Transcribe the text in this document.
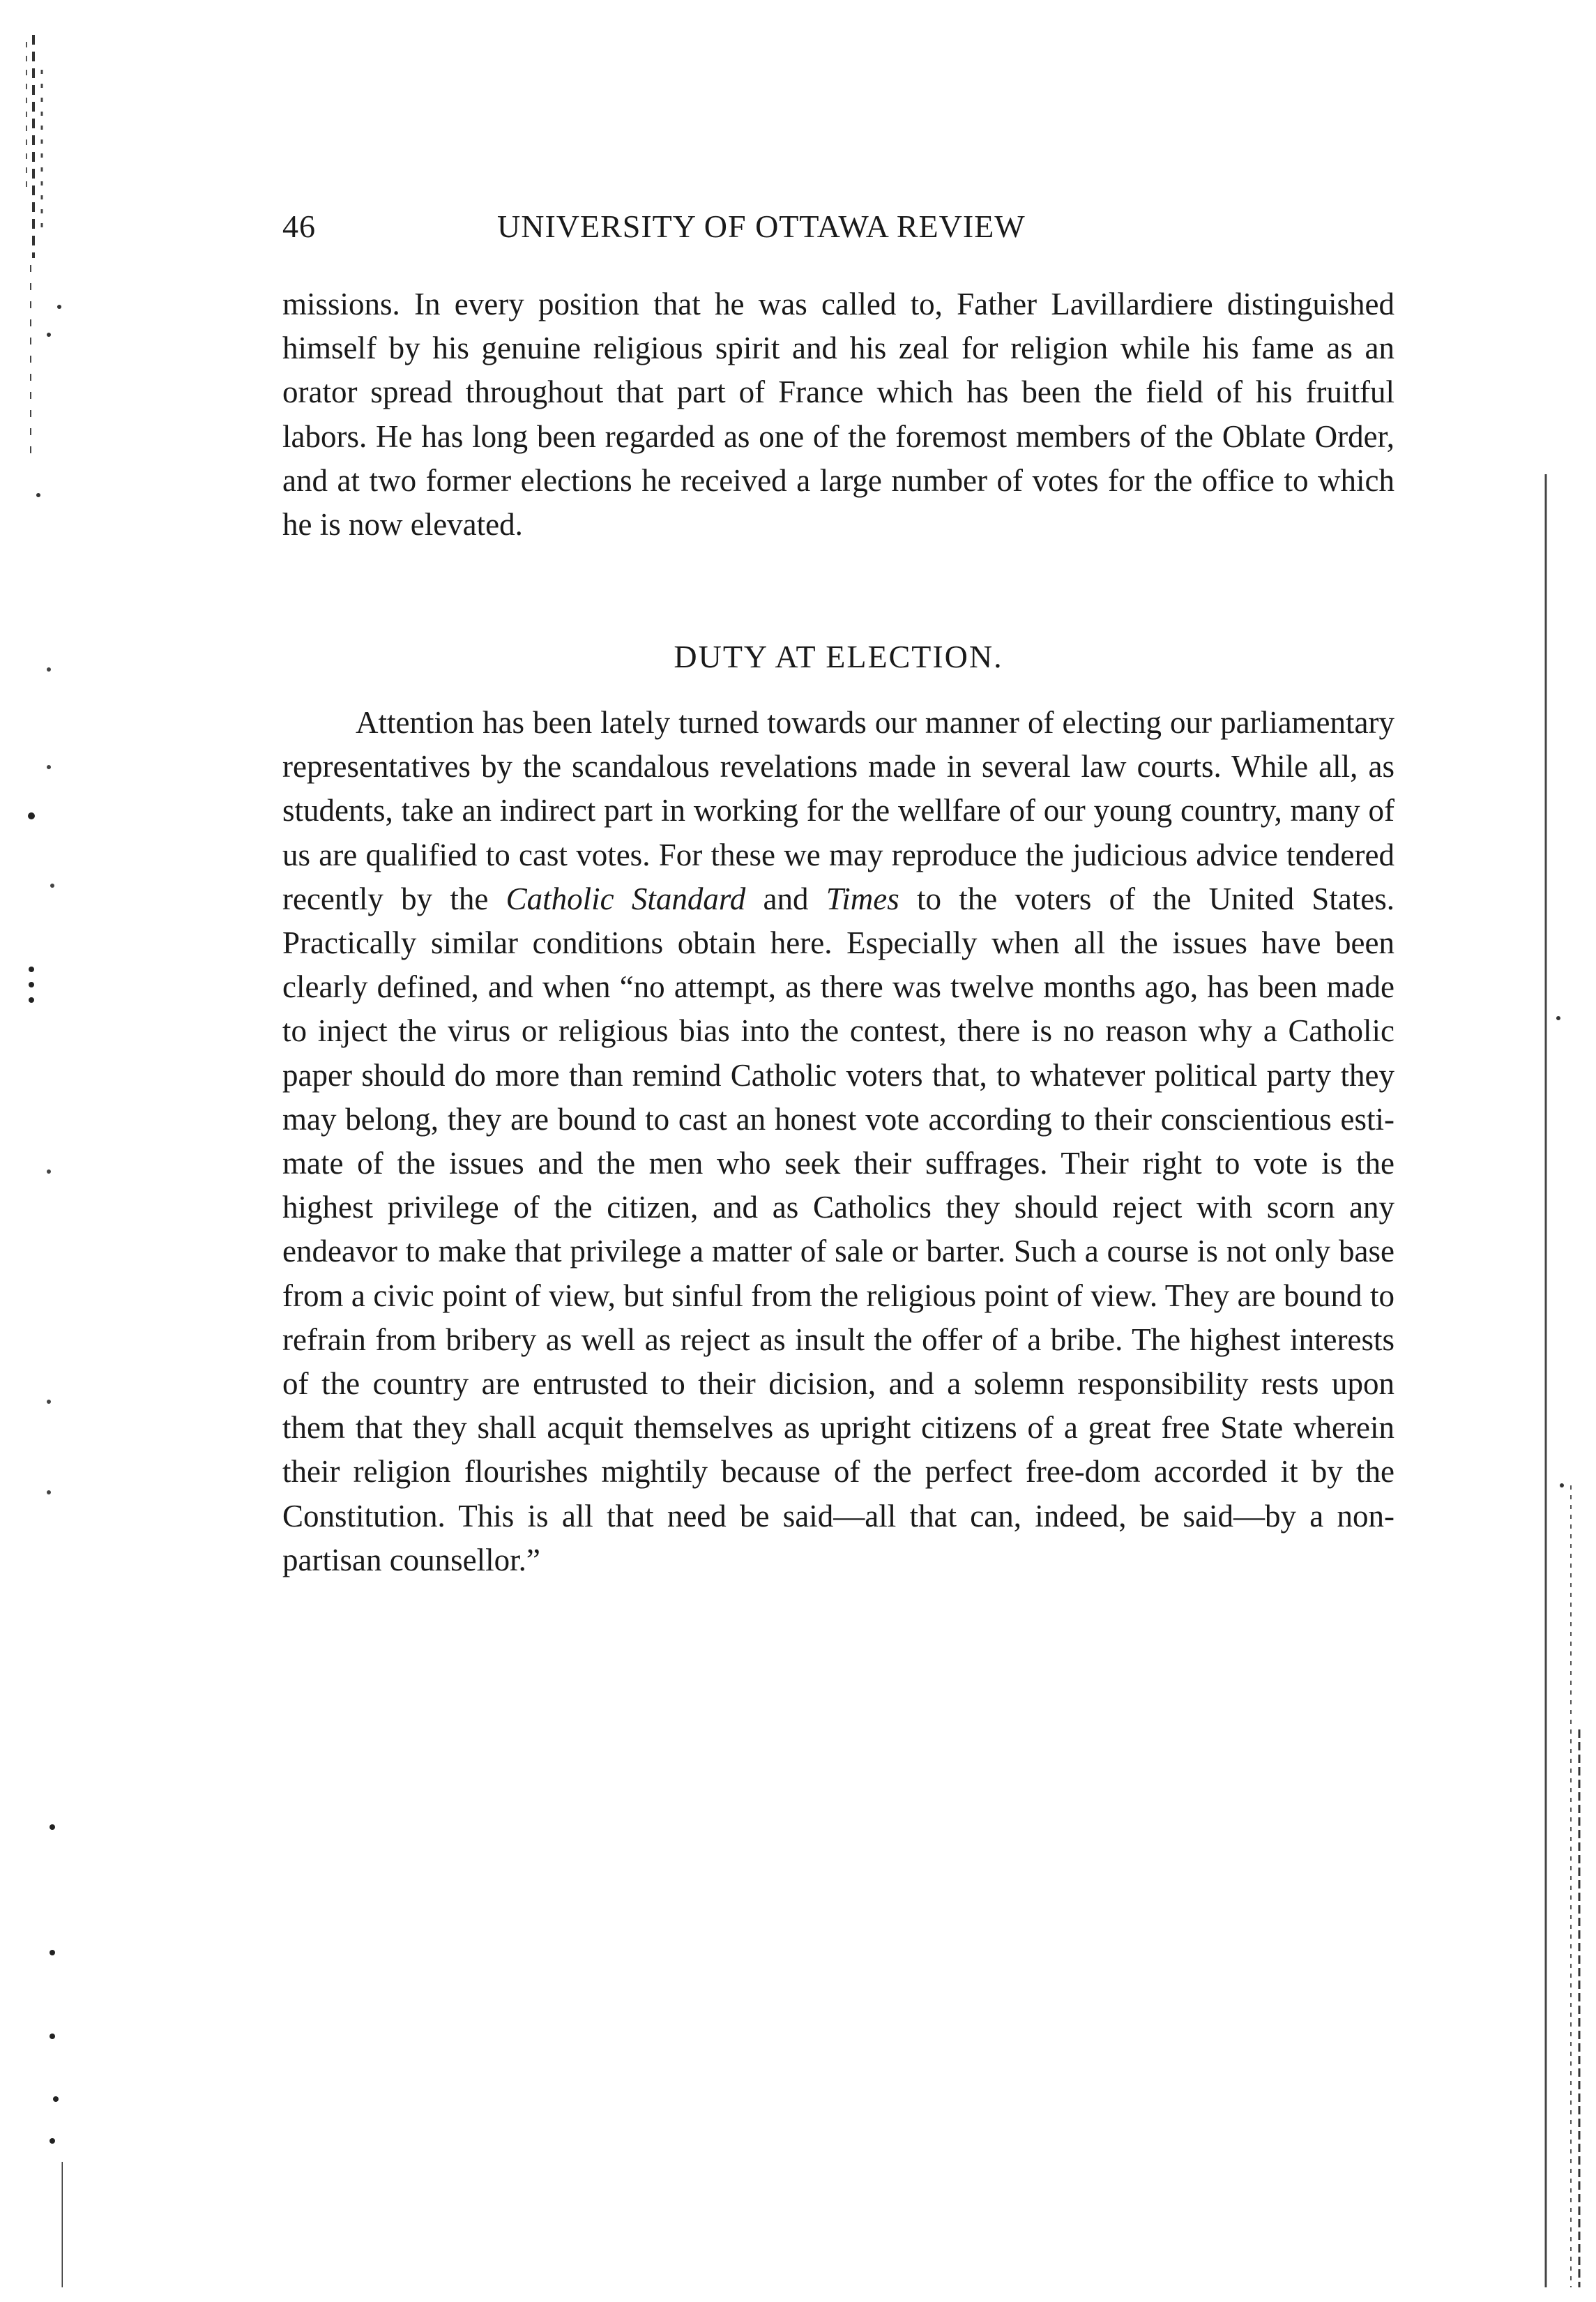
46	UNIVERSITY OF OTTAWA REVIEW

missions. In every position that he was called to, Father Lavillardiere distinguished himself by his genuine religious spirit and his zeal for religion while his fame as an orator spread throughout that part of France which has been the field of his fruitful labors. He has long been regarded as one of the foremost members of the Oblate Order, and at two former elections he received a large number of votes for the office to which he is now elevated.

DUTY AT ELECTION.

Attention has been lately turned towards our manner of electing our parliamentary representatives by the scandalous revelations made in several law courts. While all, as students, take an indirect part in working for the wellfare of our young country, many of us are qualified to cast votes. For these we may reproduce the judicious advice tendered recently by the Catholic Standard and Times to the voters of the United States. Practically similar conditions obtain here. Especially when all the issues have been clearly defined, and when “no attempt, as there was twelve months ago, has been made to inject the virus or religious bias into the contest, there is no reason why a Catholic paper should do more than remind Catholic voters that, to whatever political party they may belong, they are bound to cast an honest vote according to their conscientious esti-mate of the issues and the men who seek their suffrages. Their right to vote is the highest privilege of the citizen, and as Catholics they should reject with scorn any endeavor to make that privilege a matter of sale or barter. Such a course is not only base from a civic point of view, but sinful from the religious point of view. They are bound to refrain from bribery as well as reject as insult the offer of a bribe. The highest interests of the country are entrusted to their dicision, and a solemn responsibility rests upon them that they shall acquit themselves as upright citizens of a great free State wherein their religion flourishes mightily because of the perfect free-dom accorded it by the Constitution. This is all that need be said—all that can, indeed, be said—by a non-partisan counsellor.”
